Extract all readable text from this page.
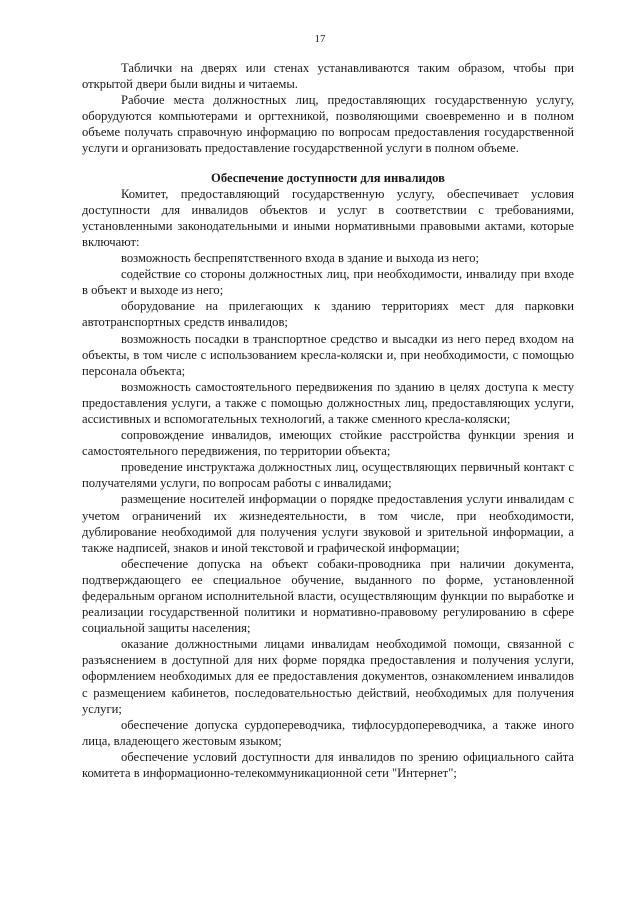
17

Таблички на дверях или стенах устанавливаются таким образом, чтобы при открытой двери были видны и читаемы.

Рабочие места должностных лиц, предоставляющих государственную услугу, оборудуются компьютерами и оргтехникой, позволяющими своевременно и в полном объеме получать справочную информацию по вопросам предоставления государственной услуги и организовать предоставление государственной услуги в полном объеме.

Обеспечение доступности для инвалидов

Комитет, предоставляющий государственную услугу, обеспечивает условия доступности для инвалидов объектов и услуг в соответствии с требованиями, установленными законодательными и иными нормативными правовыми актами, которые включают:

возможность беспрепятственного входа в здание и выхода из него;

содействие со стороны должностных лиц, при необходимости, инвалиду при входе в объект и выходе из него;

оборудование на прилегающих к зданию территориях мест для парковки автотранспортных средств инвалидов;

возможность посадки в транспортное средство и высадки из него перед входом на объекты, в том числе с использованием кресла-коляски и, при необходимости, с помощью персонала объекта;

возможность самостоятельного передвижения по зданию в целях доступа к месту предоставления услуги, а также с помощью должностных лиц, предоставляющих услуги, ассистивных и вспомогательных технологий, а также сменного кресла-коляски;

сопровождение инвалидов, имеющих стойкие расстройства функции зрения и самостоятельного передвижения, по территории объекта;

проведение инструктажа должностных лиц, осуществляющих первичный контакт с получателями услуги, по вопросам работы с инвалидами;

размещение носителей информации о порядке предоставления услуги инвалидам с учетом ограничений их жизнедеятельности, в том числе, при необходимости, дублирование необходимой для получения услуги звуковой и зрительной информации, а также надписей, знаков и иной текстовой и графической информации;

обеспечение допуска на объект собаки-проводника при наличии документа, подтверждающего ее специальное обучение, выданного по форме, установленной федеральным органом исполнительной власти, осуществляющим функции по выработке и реализации государственной политики и нормативно-правовому регулированию в сфере социальной защиты населения;

оказание должностными лицами инвалидам необходимой помощи, связанной с разъяснением в доступной для них форме порядка предоставления и получения услуги, оформлением необходимых для ее предоставления документов, ознакомлением инвалидов с размещением кабинетов, последовательностью действий, необходимых для получения услуги;

обеспечение допуска сурдопереводчика, тифлосурдопереводчика, а также иного лица, владеющего жестовым языком;

обеспечение условий доступности для инвалидов по зрению официального сайта комитета в информационно-телекоммуникационной сети "Интернет";
